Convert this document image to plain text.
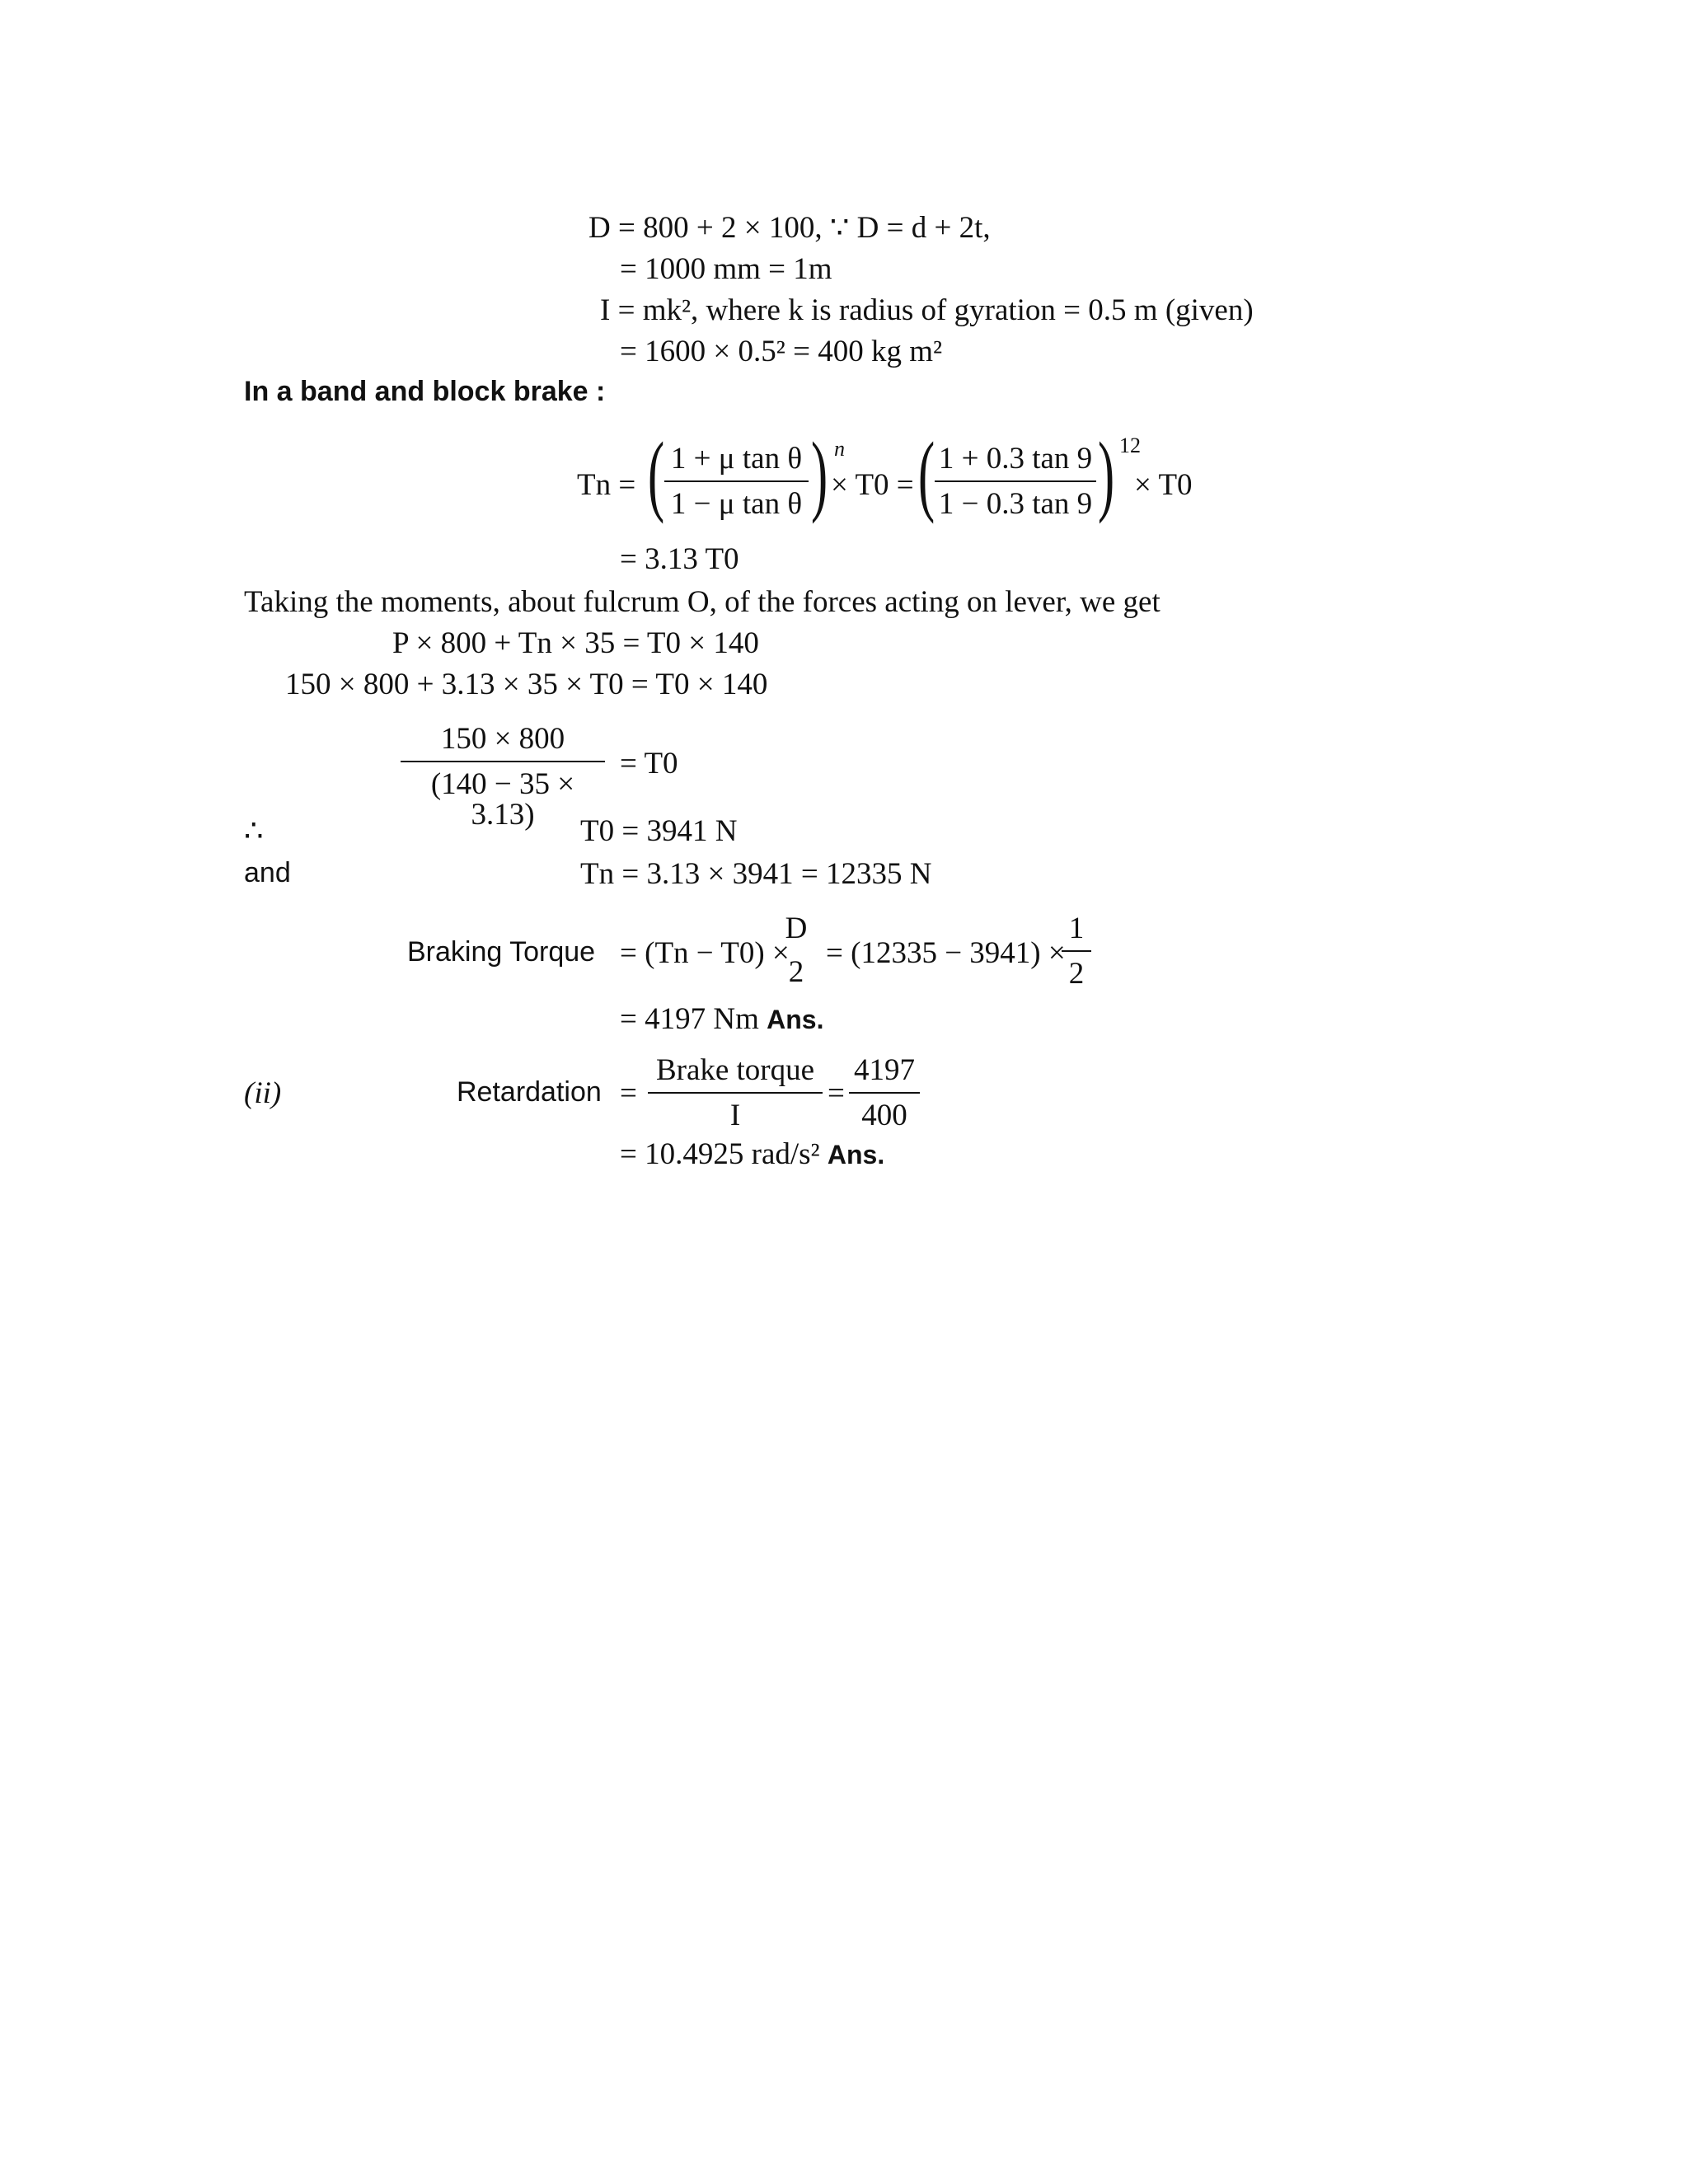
D = 800 + 2 × 100, ∵ D = d + 2t,
= 1000 mm = 1m
I = mk², where k is radius of gyration = 0.5 m (given)
= 1600 × 0.5² = 400 kg m²
In a band and block brake :
Tn = ( $\frac{\text{1 + μ tan θ}}{\text{1 − μ tan θ}}$ ) n
× T0 = ( $\frac{1 + 0.3 \tan 9}{1 - 0.3 \tan 9}$ ) 12
× T0
= 3.13 T0
Taking the moments, about fulcrum O, of the forces acting on lever, we get
P × 800 + Tn × 35 = T0 × 140
150 × 800 + 3.13 × 35 × T0 = T0 × 140
$\frac{150 \times 800}{(140 - 35 \times 3.13)} = T0$
∴	T0 = 3941 N
and	Tn = 3.13 × 3941 = 12335 N
Braking Torque = (Tn − T0) ×
D
2
= (12335 − 3941) ×
$\frac{1}{2}$
= 4197 Nm Ans.
(ii)	Retardation =
Brake torque
I
= $\frac{4197}{400}$
= 10.4925 rad/s² Ans.
